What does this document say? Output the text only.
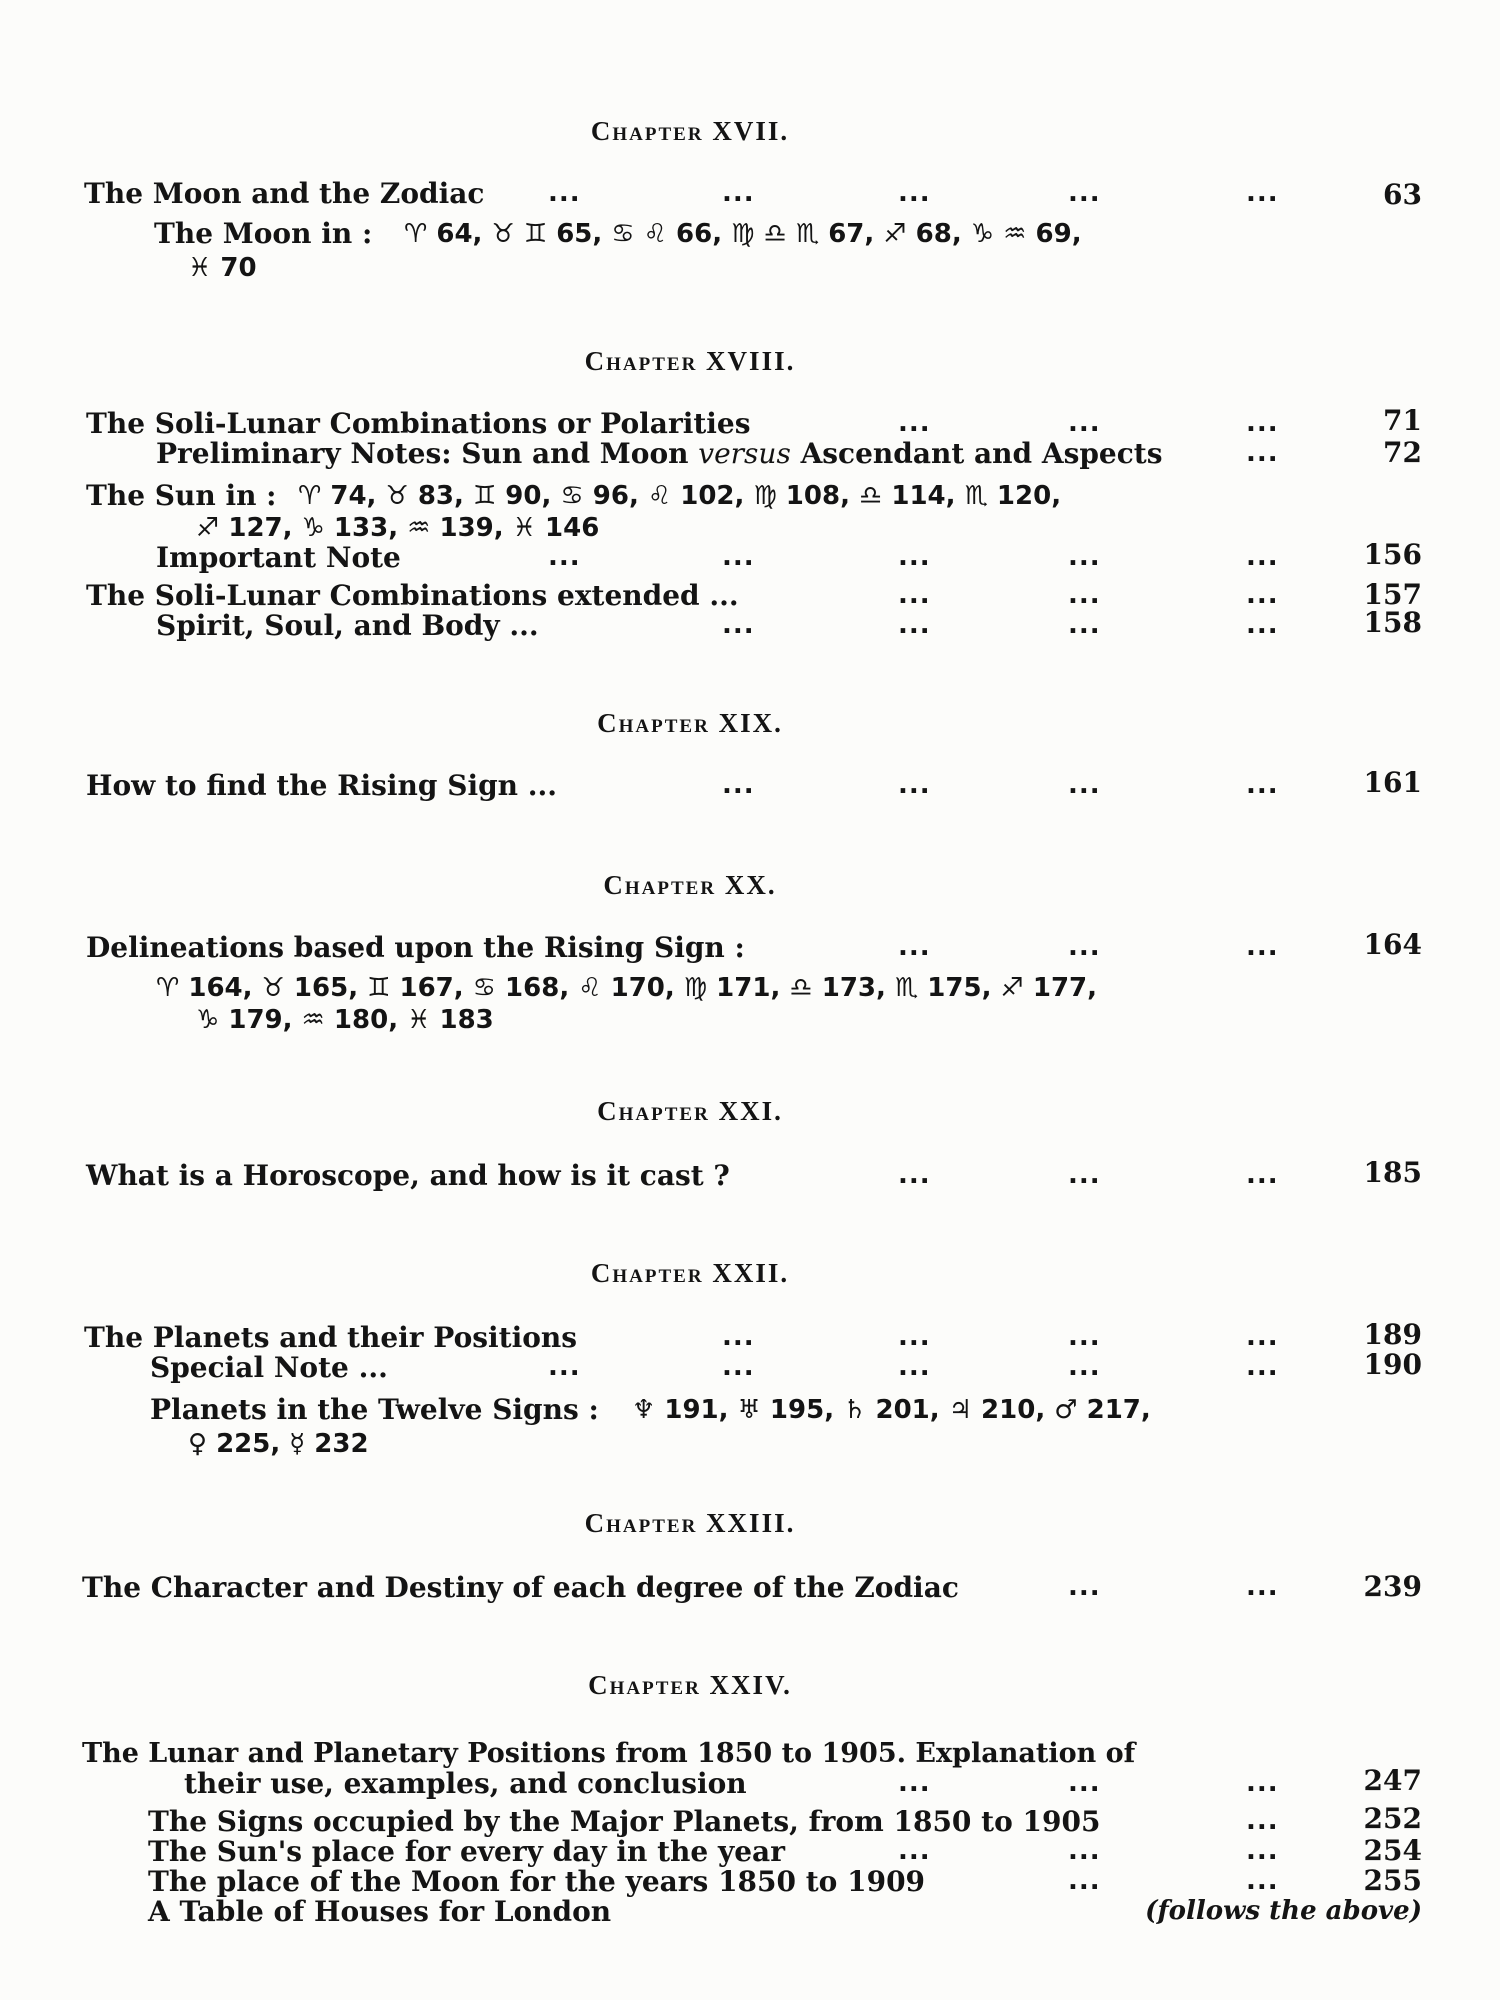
Chapter XVII.
The Moon and the Zodiac ...	...	...	...	...	63
The Moon in : ♈ 64, ♉ ♊ 65, ♋ ♌ 66, ♍ ♎ ♏ 67, ♐ 68, ♑ ♒ 69,
♓ 70
Chapter XVIII.
The Soli-Lunar Combinations or Polarities	...	...	...	71
Preliminary Notes: Sun and Moon versus Ascendant and Aspects	...	72
The Sun in : ♈ 74, ♉ 83, ♊ 90, ♋ 96, ♌ 102, ♍ 108, ♎ 114, ♏ 120,
♐ 127, ♑ 133, ♒ 139, ♓ 146
Important Note	...	...	...	...	...	156
The Soli-Lunar Combinations extended ...	...	...	...	157
Spirit, Soul, and Body ...	...	...	...	...	158
Chapter XIX.
How to find the Rising Sign ...	...	...	...	...	161
Chapter XX.
Delineations based upon the Rising Sign :	...	...	...	164
♈ 164, ♉ 165, ♊ 167, ♋ 168, ♌ 170, ♍ 171, ♎ 173, ♏ 175, ♐ 177,
♑ 179, ♒ 180, ♓ 183
Chapter XXI.
What is a Horoscope, and how is it cast ?	...	...	...	185
Chapter XXII.
The Planets and their Positions	...	...	...	...	189
Special Note ...	...	...	...	...	...	190
Planets in the Twelve Signs : ♆ 191, ♅ 195, ♄ 201, ♃ 210, ♂ 217,
♀ 225, ☿ 232
Chapter XXIII.
The Character and Destiny of each degree of the Zodiac	...	...	239
Chapter XXIV.
The Lunar and Planetary Positions from 1850 to 1905. Explanation of
their use, examples, and conclusion	...	...	...	247
The Signs occupied by the Major Planets, from 1850 to 1905	...	252
The Sun's place for every day in the year	...	...	...	254
The place of the Moon for the years 1850 to 1909	...	...	255
A Table of Houses for London	(follows the above)
